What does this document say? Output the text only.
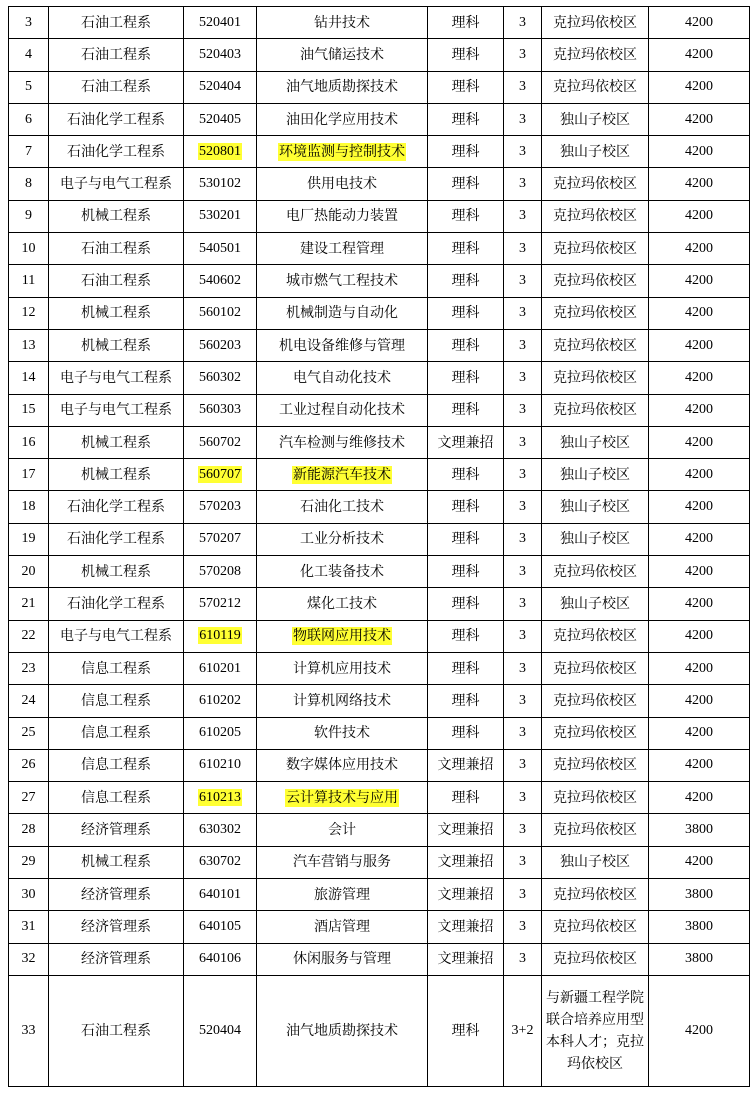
3	石油工程系	520401	钻井技术	理科	3	克拉玛依校区	4200
4	石油工程系	520403	油气储运技术	理科	3	克拉玛依校区	4200
5	石油工程系	520404	油气地质勘探技术	理科	3	克拉玛依校区	4200
6	石油化学工程系	520405	油田化学应用技术	理科	3	独山子校区	4200
7	石油化学工程系	520801	环境监测与控制技术	理科	3	独山子校区	4200
8	电子与电气工程系	530102	供用电技术	理科	3	克拉玛依校区	4200
9	机械工程系	530201	电厂热能动力装置	理科	3	克拉玛依校区	4200
10	石油工程系	540501	建设工程管理	理科	3	克拉玛依校区	4200
11	石油工程系	540602	城市燃气工程技术	理科	3	克拉玛依校区	4200
12	机械工程系	560102	机械制造与自动化	理科	3	克拉玛依校区	4200
13	机械工程系	560203	机电设备维修与管理	理科	3	克拉玛依校区	4200
14	电子与电气工程系	560302	电气自动化技术	理科	3	克拉玛依校区	4200
15	电子与电气工程系	560303	工业过程自动化技术	理科	3	克拉玛依校区	4200
16	机械工程系	560702	汽车检测与维修技术	文理兼招	3	独山子校区	4200
17	机械工程系	560707	新能源汽车技术	理科	3	独山子校区	4200
18	石油化学工程系	570203	石油化工技术	理科	3	独山子校区	4200
19	石油化学工程系	570207	工业分析技术	理科	3	独山子校区	4200
20	机械工程系	570208	化工装备技术	理科	3	克拉玛依校区	4200
21	石油化学工程系	570212	煤化工技术	理科	3	独山子校区	4200
22	电子与电气工程系	610119	物联网应用技术	理科	3	克拉玛依校区	4200
23	信息工程系	610201	计算机应用技术	理科	3	克拉玛依校区	4200
24	信息工程系	610202	计算机网络技术	理科	3	克拉玛依校区	4200
25	信息工程系	610205	软件技术	理科	3	克拉玛依校区	4200
26	信息工程系	610210	数字媒体应用技术	文理兼招	3	克拉玛依校区	4200
27	信息工程系	610213	云计算技术与应用	理科	3	克拉玛依校区	4200
28	经济管理系	630302	会计	文理兼招	3	克拉玛依校区	3800
29	机械工程系	630702	汽车营销与服务	文理兼招	3	独山子校区	4200
30	经济管理系	640101	旅游管理	文理兼招	3	克拉玛依校区	3800
31	经济管理系	640105	酒店管理	文理兼招	3	克拉玛依校区	3800
32	经济管理系	640106	休闲服务与管理	文理兼招	3	克拉玛依校区	3800
33	石油工程系	520404	油气地质勘探技术	理科	3+2	与新疆工程学院联合培养应用型本科人才；克拉玛依校区	4200
